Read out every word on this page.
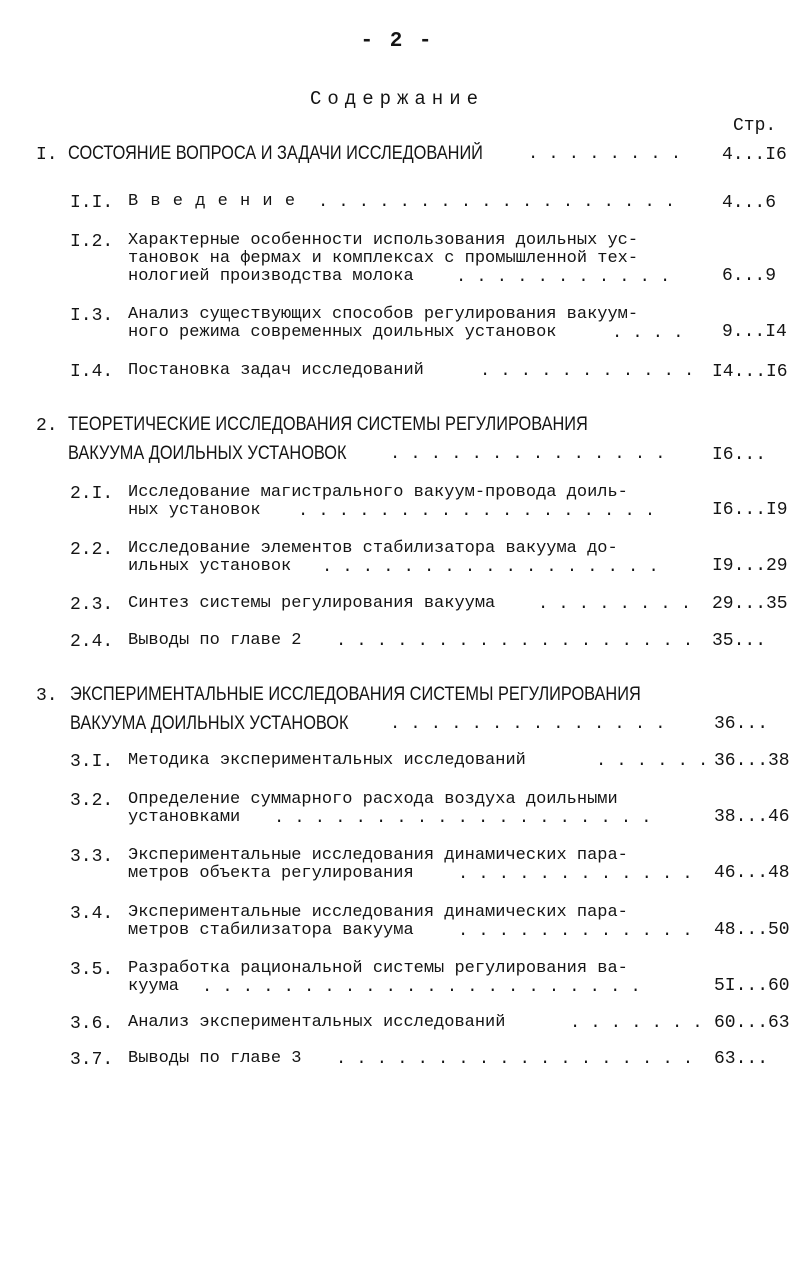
- 2 -
Содержание
Стр.
I. СОСТОЯНИЕ ВОПРОСА И ЗАДАЧИ ИССЛЕДОВАНИЙ	. . . . . . . . 4...I6
I.I. В в е д е н и е . . . . . . . . . . . . . . . . . .	4...6
I.2. Характерные особенности использования доильных ус-
тановок на фермах и комплексах с промышленной тех-
нологией производства молока . . . . . . . . . . .	6...9
I.3. Анализ существующих способов регулирования вакуум-
ного режима современных доильных установок	. . . . 9...I4
I.4. Постановка задач исследований	. . . . . . . . . . . I4...I6
2. ТЕОРЕТИЧЕСКИЕ ИССЛЕДОВАНИЯ СИСТЕМЫ РЕГУЛИРОВАНИЯ
ВАКУУМА ДОИЛЬНЫХ УСТАНОВОК	. . . . . . . . . . . . . .	I6...
2.I. Исследование магистрального вакуум-провода доиль-
ных установок . . . . . . . . . . . . . . . . . .	I6...I9
2.2. Исследование элементов стабилизатора вакуума до-
ильных установок . . . . . . . . . . . . . . . . .	I9...29
2.3. Синтез системы регулирования вакуума	. . . . . . . . 29...35
2.4. Выводы по главе 2 . . . . . . . . . . . . . . . . . . 35...
3. ЭКСПЕРИМЕНТАЛЬНЫЕ ИССЛЕДОВАНИЯ СИСТЕМЫ РЕГУЛИРОВАНИЯ
ВАКУУМА ДОИЛЬНЫХ УСТАНОВОК . . . . . . . . . . . . . .	36...
3.I. Методика экспериментальных исследований	. . . . . . 36...38
3.2. Определение суммарного расхода воздуха доильными
установками . . . . . . . . . . . . . . . . . . .	38...46
3.3. Экспериментальные исследования динамических пара-
метров объекта регулирования	. . . . . . . . . . . . 46...48
3.4. Экспериментальные исследования динамических пара-
метров стабилизатора вакуума	. . . . . . . . . . . . 48...50
3.5. Разработка рациональной системы регулирования ва-
куума . . . . . . . . . . . . . . . . . . . . . .	5I...60
3.6. Анализ экспериментальных исследований	. . . . . . . 60...63
3.7. Выводы по главе 3 . . . . . . . . . . . . . . . . . . 63...
